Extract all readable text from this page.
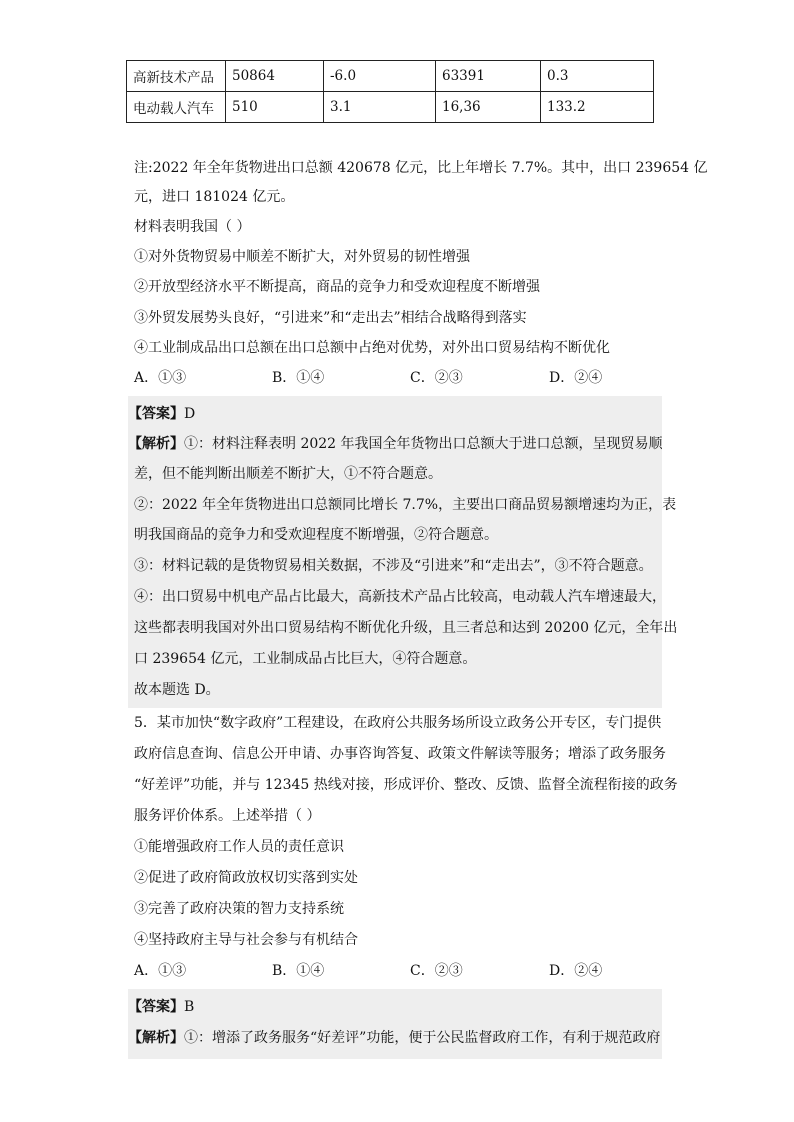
高新技术产品	50864	-6.0	63391	0.3
电动载人汽车	510	3.1	16,36	133.2
注:2022 年全年货物进出口总额 420678 亿元，比上年增长 7.7%。其中，出口 239654 亿
元，进口 181024 亿元。
材料表明我国（ ）
①对外货物贸易中顺差不断扩大，对外贸易的韧性增强
②开放型经济水平不断提高，商品的竞争力和受欢迎程度不断增强
③外贸发展势头良好，“引进来”和“走出去”相结合战略得到落实
④工业制成品出口总额在出口总额中占绝对优势，对外出口贸易结构不断优化
A．①③	B．①④	C．②③	D．②④
【答案】D
【解析】①：材料注释表明 2022 年我国全年货物出口总额大于进口总额，呈现贸易顺
差，但不能判断出顺差不断扩大，①不符合题意。
②：2022 年全年货物进出口总额同比增长 7.7%，主要出口商品贸易额增速均为正，表
明我国商品的竞争力和受欢迎程度不断增强，②符合题意。
③：材料记载的是货物贸易相关数据，不涉及“引进来”和“走出去”，③不符合题意。
④：出口贸易中机电产品占比最大，高新技术产品占比较高，电动载人汽车增速最大，
这些都表明我国对外出口贸易结构不断优化升级，且三者总和达到 20200 亿元，全年出
口 239654 亿元，工业制成品占比巨大，④符合题意。
故本题选 D。
5．某市加快“数字政府”工程建设，在政府公共服务场所设立政务公开专区，专门提供
政府信息查询、信息公开申请、办事咨询答复、政策文件解读等服务；增添了政务服务
“好差评”功能，并与 12345 热线对接，形成评价、整改、反馈、监督全流程衔接的政务
服务评价体系。上述举措（ ）
①能增强政府工作人员的责任意识
②促进了政府简政放权切实落到实处
③完善了政府决策的智力支持系统
④坚持政府主导与社会参与有机结合
A．①③	B．①④	C．②③	D．②④
【答案】B
【解析】①：增添了政务服务“好差评”功能，便于公民监督政府工作，有利于规范政府
